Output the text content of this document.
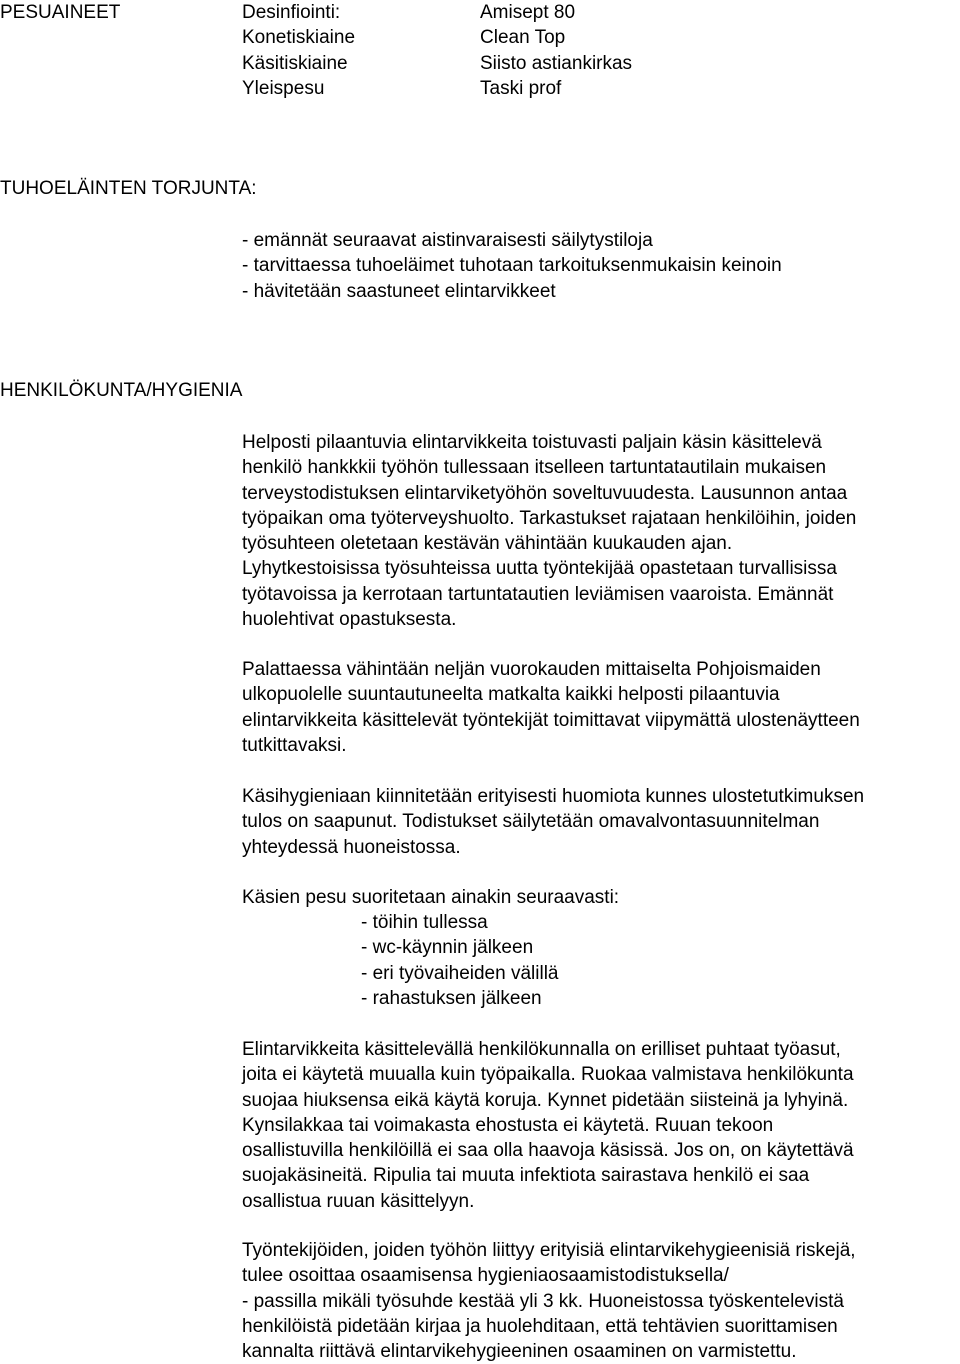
PESUAINEET	Desinfiointi:
Konetiskiaine
Käsitiskiaine
Yleispesu
Amisept 80
Clean Top
Siisto astiankirkas
Taski prof
TUHOELÄINTEN TORJUNTA:
- emännät seuraavat aistinvaraisesti säilytystiloja
- tarvittaessa tuhoeläimet tuhotaan tarkoituksenmukaisin keinoin
- hävitetään saastuneet elintarvikkeet
HENKILÖKUNTA/HYGIENIA
Helposti pilaantuvia elintarvikkeita toistuvasti paljain käsin käsittelevä
henkilö hankkkii työhön tullessaan itselleen tartuntatautilain mukaisen
terveystodistuksen elintarviketyöhön soveltuvuudesta. Lausunnon antaa
työpaikan oma työterveyshuolto. Tarkastukset rajataan henkilöihin, joiden
työsuhteen oletetaan kestävän vähintään kuukauden ajan.
Lyhytkestoisissa työsuhteissa uutta työntekijää opastetaan turvallisissa
työtavoissa ja kerrotaan tartuntatautien leviämisen vaaroista. Emännät
huolehtivat opastuksesta.
Palattaessa vähintään neljän vuorokauden mittaiselta Pohjoismaiden
ulkopuolelle suuntautuneelta matkalta kaikki helposti pilaantuvia
elintarvikkeita käsittelevät työntekijät toimittavat viipymättä ulostenäytteen
tutkittavaksi.
Käsihygieniaan kiinnitetään erityisesti huomiota kunnes ulostetutkimuksen
tulos on saapunut. Todistukset säilytetään omavalvontasuunnitelman
yhteydessä huoneistossa.
Käsien pesu suoritetaan ainakin seuraavasti:
- töihin tullessa
- wc-käynnin jälkeen
- eri työvaiheiden välillä
- rahastuksen jälkeen
Elintarvikkeita käsittelevällä henkilökunnalla on erilliset puhtaat työasut,
joita ei käytetä muualla kuin työpaikalla. Ruokaa valmistava henkilökunta
suojaa hiuksensa eikä käytä koruja. Kynnet pidetään siisteinä ja lyhyinä.
Kynsilakkaa tai voimakasta ehostusta ei käytetä. Ruuan tekoon
osallistuvilla henkilöillä ei saa olla haavoja käsissä. Jos on, on käytettävä
suojakäsineitä. Ripulia tai muuta infektiota sairastava henkilö ei saa
osallistua ruuan käsittelyyn.
Työntekijöiden, joiden työhön liittyy erityisiä elintarvikehygieenisiä riskejä,
tulee osoittaa osaamisensa hygieniaosaamistodistuksella/
- passilla mikäli työsuhde kestää yli 3 kk. Huoneistossa työskentelevistä
henkilöistä pidetään kirjaa ja huolehditaan, että tehtävien suorittamisen
kannalta riittävä elintarvikehygieeninen osaaminen on varmistettu.
